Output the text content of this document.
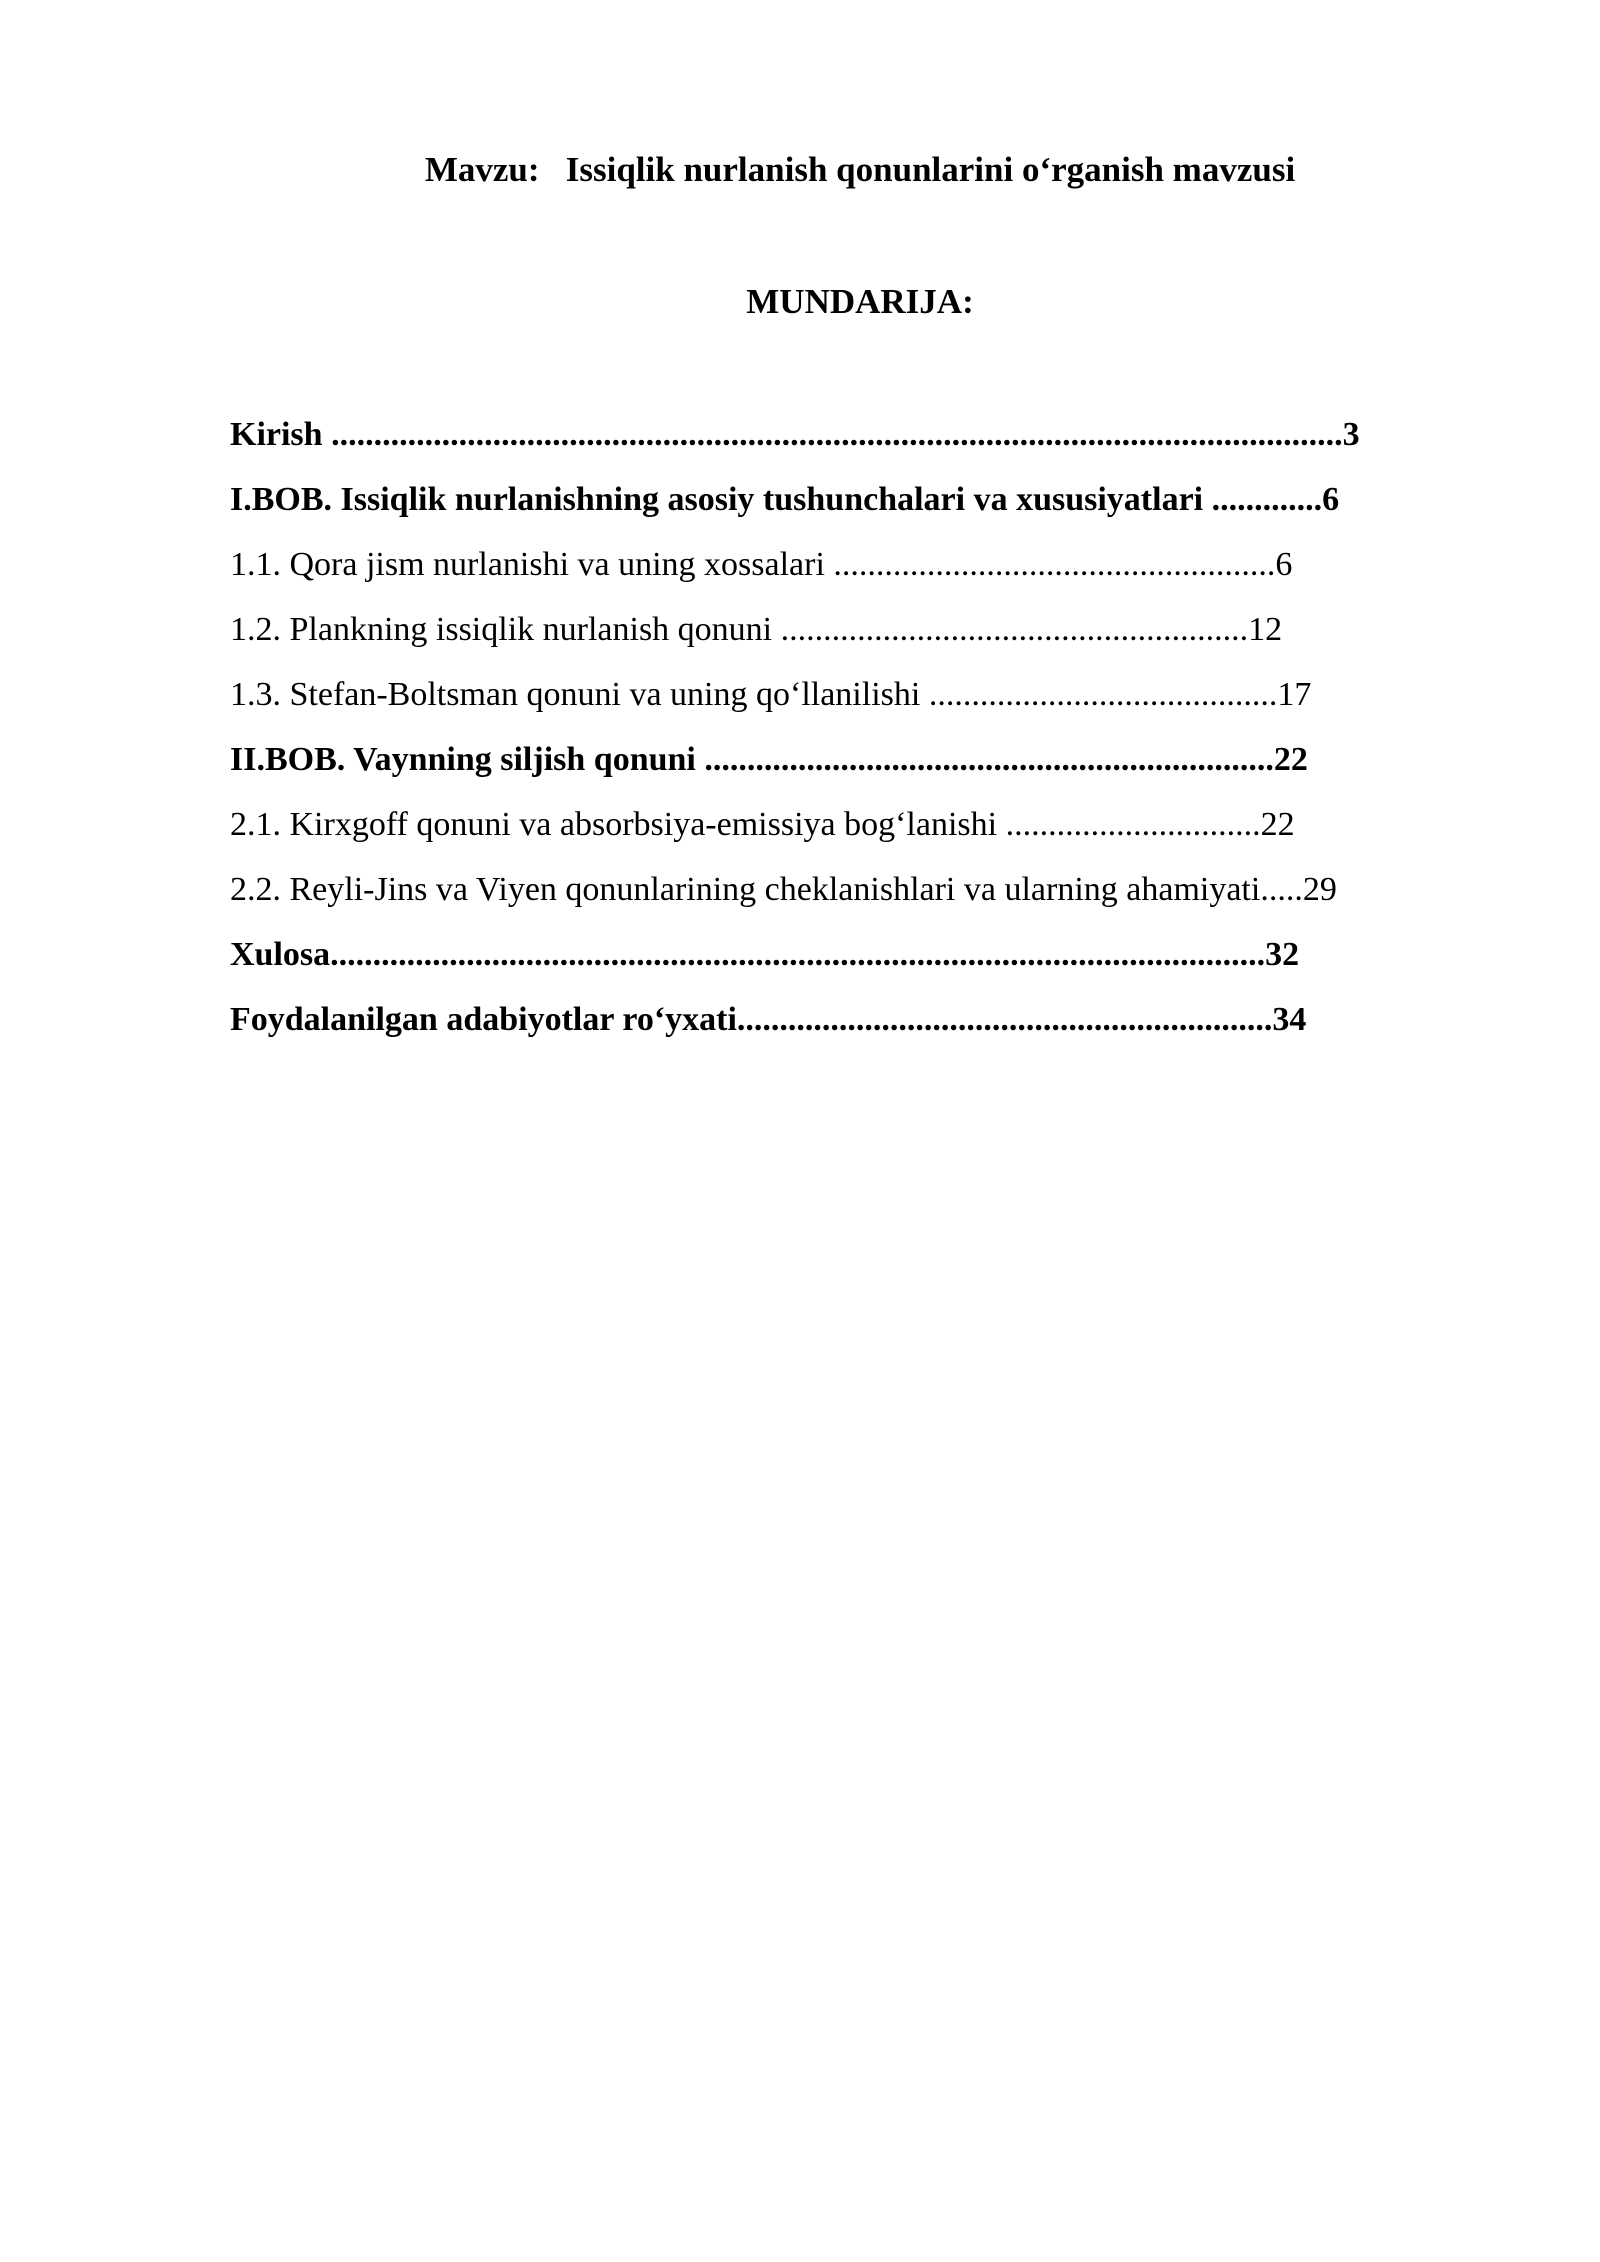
Mavzu:   Issiqlik nurlanish qonunlarini o‘rganish mavzusi

MUNDARIJA:

Kirish .......................................................................................................................3
I.BOB. Issiqlik nurlanishning asosiy tushunchalari va xususiyatlari .............6
1.1. Qora jism nurlanishi va uning xossalari ....................................................6
1.2. Plankning issiqlik nurlanish qonuni .......................................................12
1.3. Stefan-Boltsman qonuni va uning qo‘llanilishi .........................................17
II.BOB. Vaynning siljish qonuni ...................................................................22
2.1. Kirxgoff qonuni va absorbsiya-emissiya bog‘lanishi ..............................22
2.2. Reyli-Jins va Viyen qonunlarining cheklanishlari va ularning ahamiyati.....29
Xulosa..............................................................................................................32
Foydalanilgan adabiyotlar ro‘yxati...............................................................34
